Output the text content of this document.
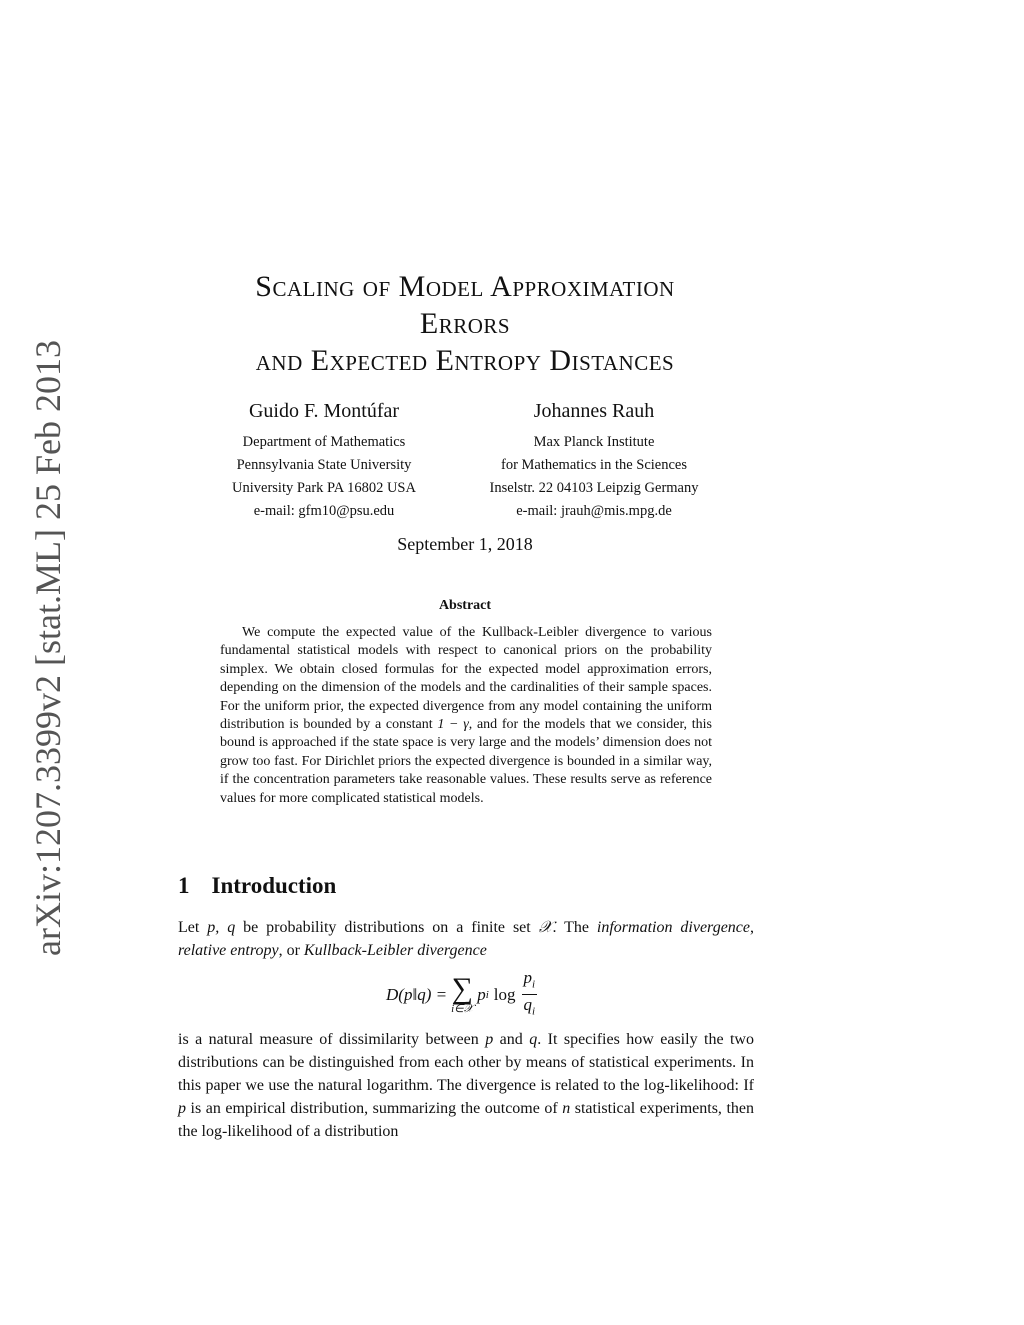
arXiv:1207.3399v2 [stat.ML] 25 Feb 2013
Scaling of Model Approximation
Errors
and Expected Entropy Distances
Guido F. Montúfar
Department of Mathematics
Pennsylvania State University
University Park PA 16802 USA
e-mail: gfm10@psu.edu
Johannes Rauh
Max Planck Institute
for Mathematics in the Sciences
Inselstr. 22 04103 Leipzig Germany
e-mail: jrauh@mis.mpg.de
September 1, 2018
Abstract

We compute the expected value of the Kullback-Leibler divergence to various fundamental statistical models with respect to canonical priors on the probability simplex. We obtain closed formulas for the expected model approximation errors, depending on the dimension of the models and the cardinalities of their sample spaces. For the uniform prior, the expected divergence from any model containing the uniform distribution is bounded by a constant 1 − γ, and for the models that we consider, this bound is approached if the state space is very large and the models’ dimension does not grow too fast. For Dirichlet priors the expected divergence is bounded in a similar way, if the concentration parameters take reasonable values. These results serve as reference values for more complicated statistical models.

1 Introduction
Let p, q be probability distributions on a finite set 𝒳. The information divergence, relative entropy, or Kullback-Leibler divergence
D(p‖q) = ∑
i∈𝒳
p i $\log \frac{p_i}{q_i}$
is a natural measure of dissimilarity between p and q. It specifies how easily the two distributions can be distinguished from each other by means of statistical experiments. In this paper we use the natural logarithm. The divergence is related to the log-likelihood: If p is an empirical distribution, summarizing the outcome of n statistical experiments, then the log-likelihood of a distribution
